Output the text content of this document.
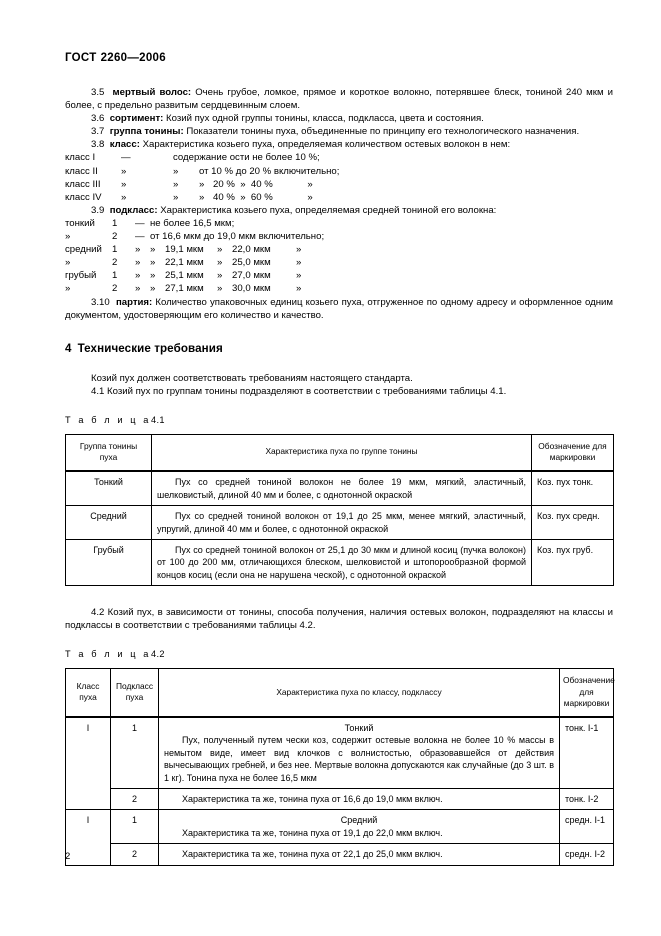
ГОСТ 2260—2006

3.5 мертвый волос: Очень грубое, ломкое, прямое и короткое волокно, потерявшее блеск, тониной 240 мкм и более, с предельно развитым сердцевинным слоем.

3.6 сортимент: Козий пух одной группы тонины, класса, подкласса, цвета и состояния.

3.7 группа тонины: Показатели тонины пуха, объединенные по принципу его технологического назначения.

3.8 класс: Характеристика козьего пуха, определяемая количеством остевых волокон в нем:

класс I	—	содержание ости не более 10 %;
класс II »	» от 10 % до 20 % включительно;
класс III »	» » 20 %  »  40 %             »
класс IV »	» » 40 %  »  60 %             »

3.9 подкласс: Характеристика козьего пуха, определяемая средней тониной его волокна:

тонкий 1 — не более 16,5 мкм;
»	2 — от 16,6 мкм до 19,0 мкм включительно;
средний 1 » » 19,1 мкм » 22,0 мкм	»
»	2 » » 22,1 мкм » 25,0 мкм	»
грубый 1 » » 25,1 мкм » 27,0 мкм	»
»	2 » » 27,1 мкм » 30,0 мкм	»

3.10 партия: Количество упаковочных единиц козьего пуха, отгруженное по одному адресу и оформленное одним документом, удостоверяющим его количество и качество.

4 Технические требования

Козий пух должен соответствовать требованиям настоящего стандарта.

4.1 Козий пух по группам тонины подразделяют в соответствии с требованиями таблицы 4.1.

Т а б л и ц а4.1

Группа тонины
пуха	Характеристика пуха по группе тонины	Обозначение для
маркировки

Тонкий	Пух со средней тониной волокон не более 19 мкм, мягкий, эластичный, шелковистый, длиной 40 мм и более, с однотонной окраской	Коз. пух тонк.
Средний	Пух со средней тониной волокон от 19,1 до 25 мкм, менее мягкий, эластичный, упругий, длиной 40 мм и более, с однотонной окраской	Коз. пух средн.
Грубый	Пух со средней тониной волокон от 25,1 до 30 мкм и длиной косиц (пучка волокон) от 100 до 200 мм, отличающихся блеском, шелковистой и штопорообразной формой концов косиц (если она не нарушена ческой), с однотонной окраской	Коз. пух груб.

4.2 Козий пух, в зависимости от тонины, способа получения, наличия остевых волокон, подразделяют на классы и подклассы в соответствии с требованиями таблицы 4.2.

Т а б л и ц а4.2

Класс
пуха	Подкласс
пуха	Характеристика пуха по классу, подклассу	Обозначение
для маркировки

I	1	Тонкий
Пух, полученный путем чески коз, содержит остевые волокна не более 10 % массы в немытом виде, имеет вид клочков с волнистостью, образовавшейся от действия вычесывающих гребней, и без нее. Мертвые волокна допускаются как случайные (до 3 шт. в 1 кг). Тонина пуха не более 16,5 мкм	тонк. I-1
	2	Характеристика та же, тонина пуха от 16,6 до 19,0 мкм включ.	тонк. I-2
I	1	Средний
Характеристика та же, тонина пуха от 19,1 до 22,0 мкм включ.	средн. I-1
	2	Характеристика та же, тонина пуха от 22,1 до 25,0 мкм включ.	средн. I-2
2
